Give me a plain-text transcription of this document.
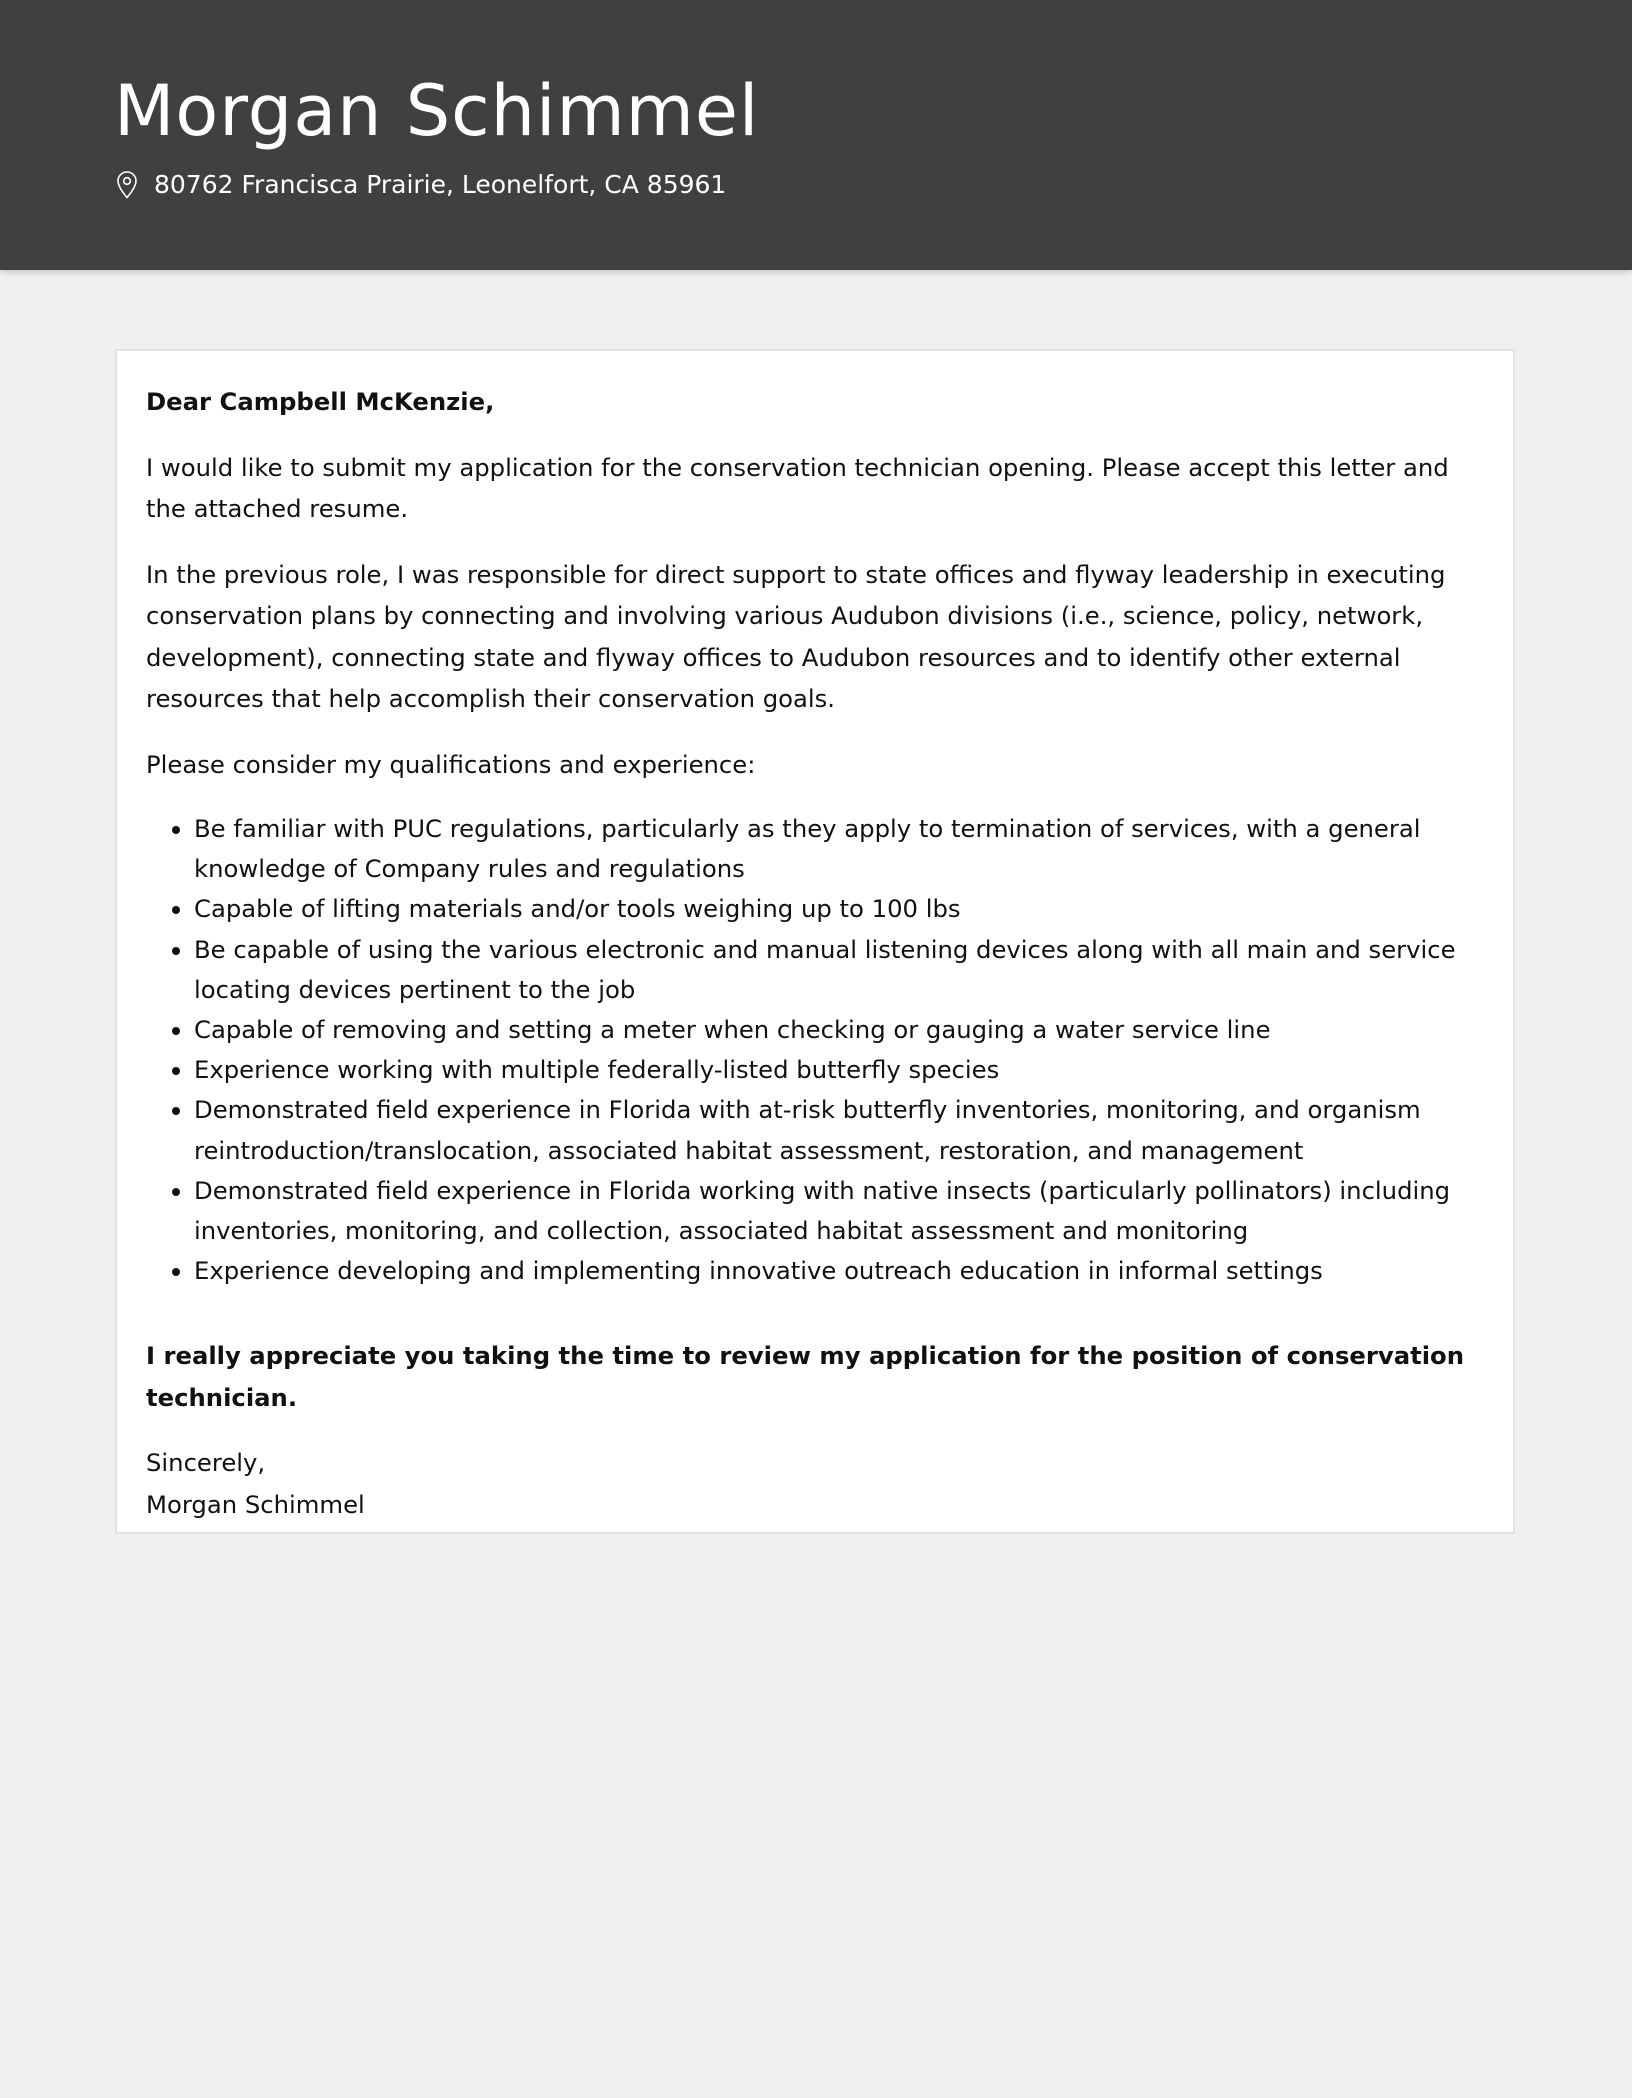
Morgan Schimmel
80762 Francisca Prairie, Leonelfort, CA 85961

Dear Campbell McKenzie,

I would like to submit my application for the conservation technician opening. Please accept this letter and the attached resume.

In the previous role, I was responsible for direct support to state offices and flyway leadership in executing conservation plans by connecting and involving various Audubon divisions (i.e., science, policy, network, development), connecting state and flyway offices to Audubon resources and to identify other external resources that help accomplish their conservation goals.

Please consider my qualifications and experience:

• Be familiar with PUC regulations, particularly as they apply to termination of services, with a general knowledge of Company rules and regulations
• Capable of lifting materials and/or tools weighing up to 100 lbs
• Be capable of using the various electronic and manual listening devices along with all main and service locating devices pertinent to the job
• Capable of removing and setting a meter when checking or gauging a water service line
• Experience working with multiple federally-listed butterfly species
• Demonstrated field experience in Florida with at-risk butterfly inventories, monitoring, and organism reintroduction/translocation, associated habitat assessment, restoration, and management
• Demonstrated field experience in Florida working with native insects (particularly pollinators) including inventories, monitoring, and collection, associated habitat assessment and monitoring
• Experience developing and implementing innovative outreach education in informal settings

I really appreciate you taking the time to review my application for the position of conservation technician.

Sincerely,

Morgan Schimmel
